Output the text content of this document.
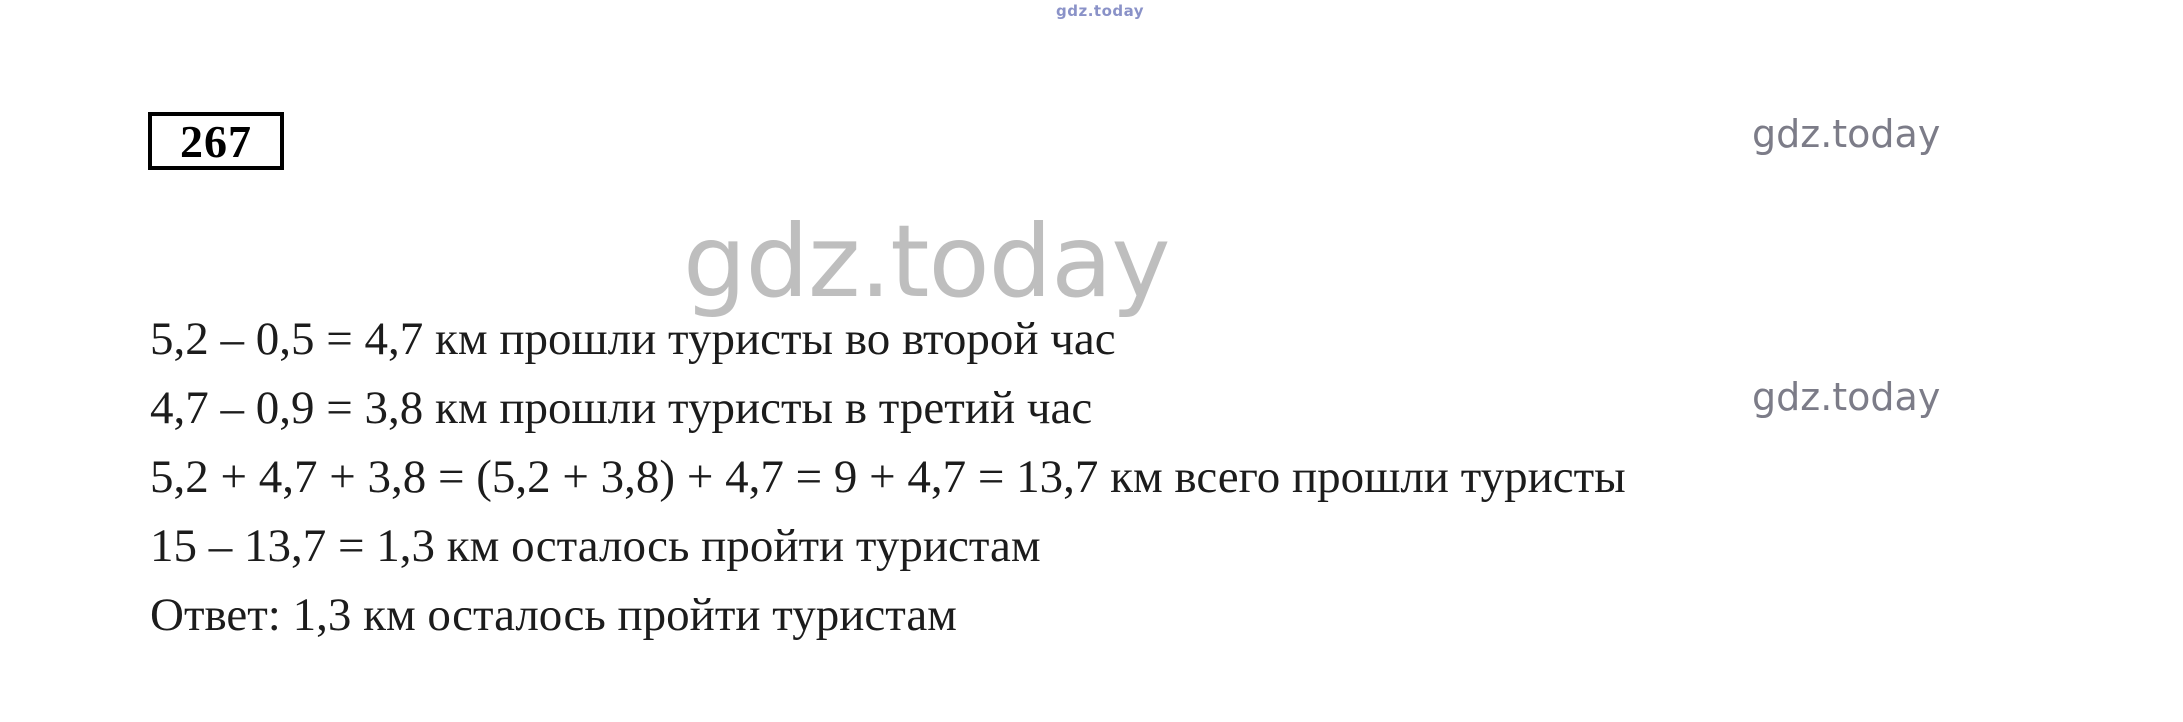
gdz.today
267	gdz.today
gdz.today
gdz.today
5,2 – 0,5 = 4,7 км прошли туристы во второй час
4,7 – 0,9 = 3,8 км прошли туристы в третий час
5,2 + 4,7 + 3,8 = (5,2 + 3,8) + 4,7 = 9 + 4,7 = 13,7 км всего прошли туристы
15 – 13,7 = 1,3 км осталось пройти туристам
Ответ: 1,3 км осталось пройти туристам
